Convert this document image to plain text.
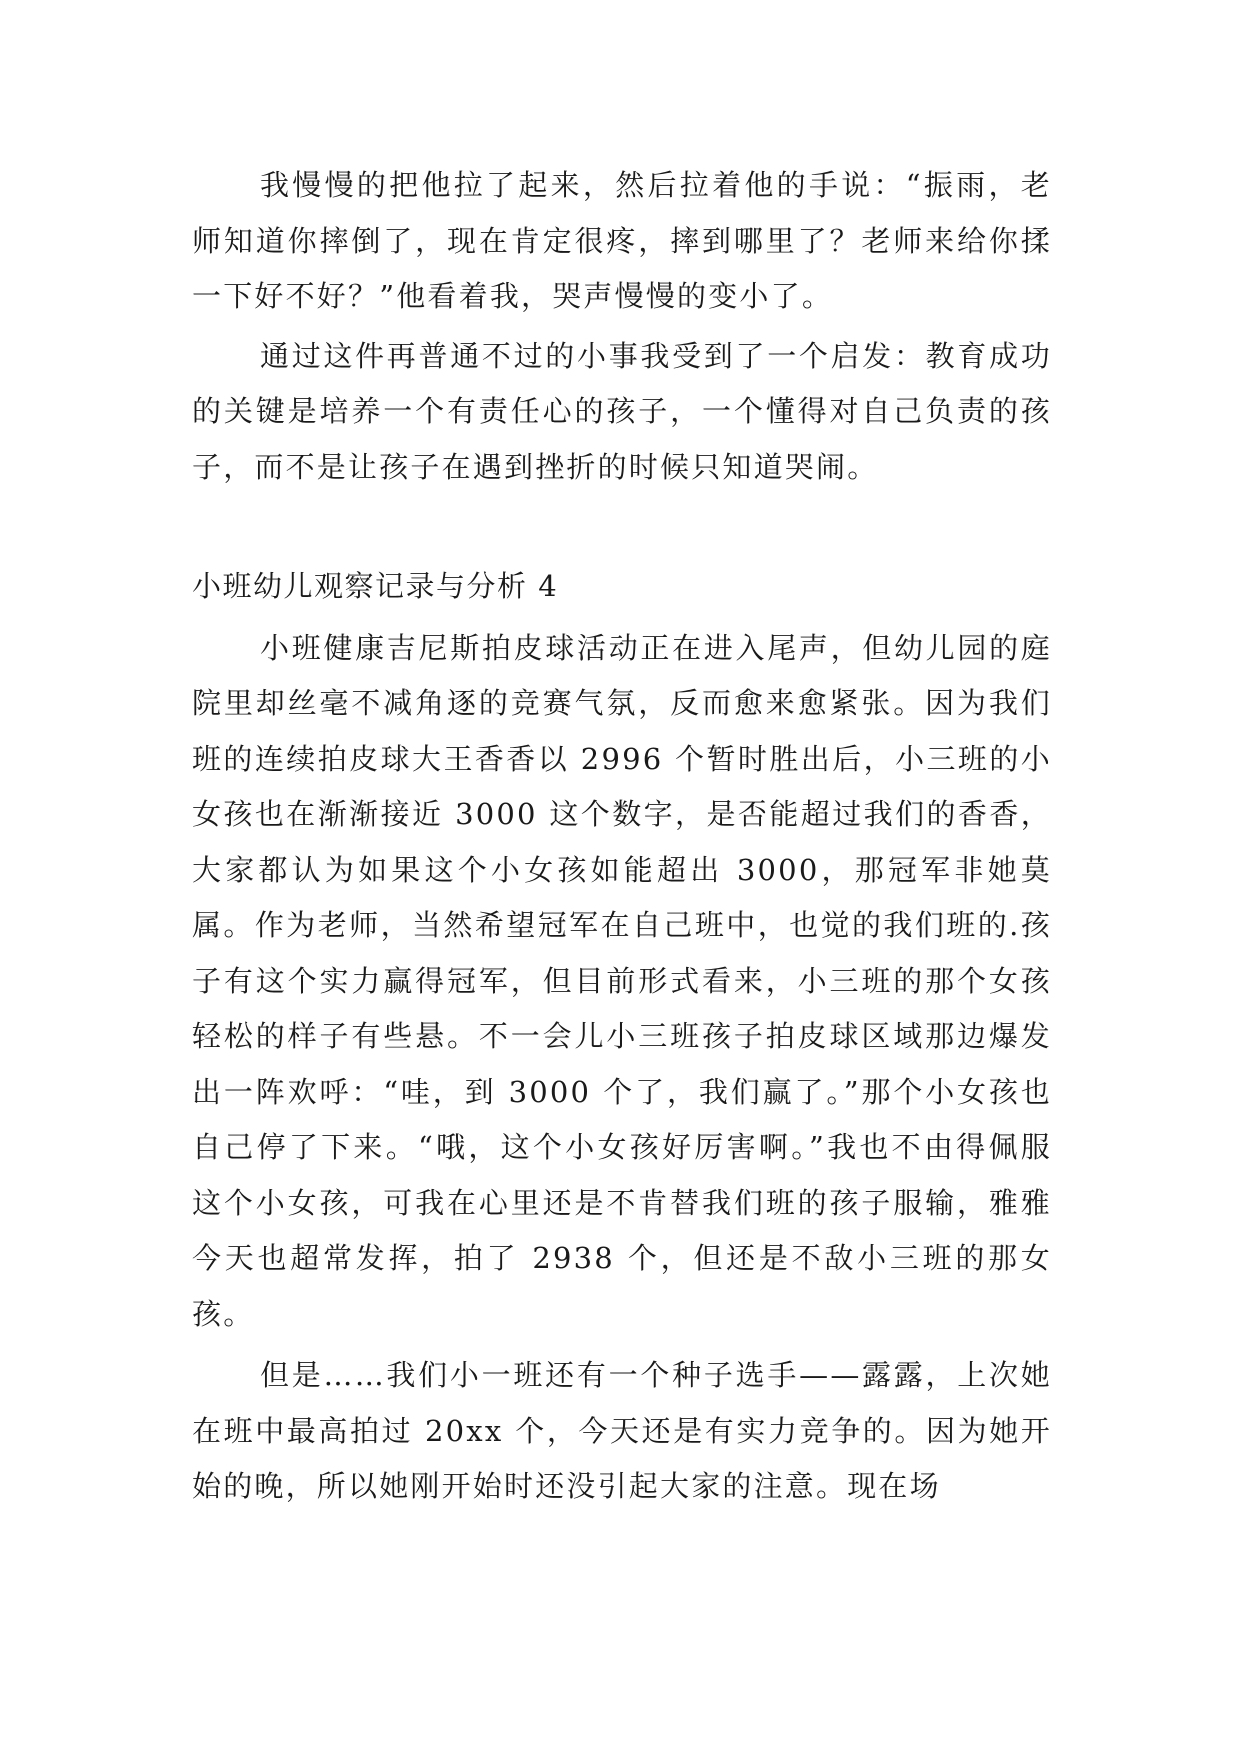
我慢慢的把他拉了起来，然后拉着他的手说：“振雨，老师知道你摔倒了，现在肯定很疼，摔到哪里了？老师来给你揉一下好不好？”他看着我，哭声慢慢的变小了。

通过这件再普通不过的小事我受到了一个启发：教育成功的关键是培养一个有责任心的孩子，一个懂得对自己负责的孩子，而不是让孩子在遇到挫折的时候只知道哭闹。

小班幼儿观察记录与分析 4

小班健康吉尼斯拍皮球活动正在进入尾声，但幼儿园的庭院里却丝毫不减角逐的竞赛气氛，反而愈来愈紧张。因为我们班的连续拍皮球大王香香以 2996 个暂时胜出后，小三班的小女孩也在渐渐接近 3000 这个数字，是否能超过我们的香香，大家都认为如果这个小女孩如能超出 3000，那冠军非她莫属。作为老师，当然希望冠军在自己班中，也觉的我们班的.孩子有这个实力赢得冠军，但目前形式看来，小三班的那个女孩轻松的样子有些悬。不一会儿小三班孩子拍皮球区域那边爆发出一阵欢呼：“哇，到 3000 个了，我们赢了。”那个小女孩也自己停了下来。“哦，这个小女孩好厉害啊。”我也不由得佩服这个小女孩，可我在心里还是不肯替我们班的孩子服输，雅雅今天也超常发挥，拍了 2938 个，但还是不敌小三班的那女孩。

但是……我们小一班还有一个种子选手——露露，上次她在班中最高拍过 20xx 个，今天还是有实力竞争的。因为她开始的晚，所以她刚开始时还没引起大家的注意。现在场
